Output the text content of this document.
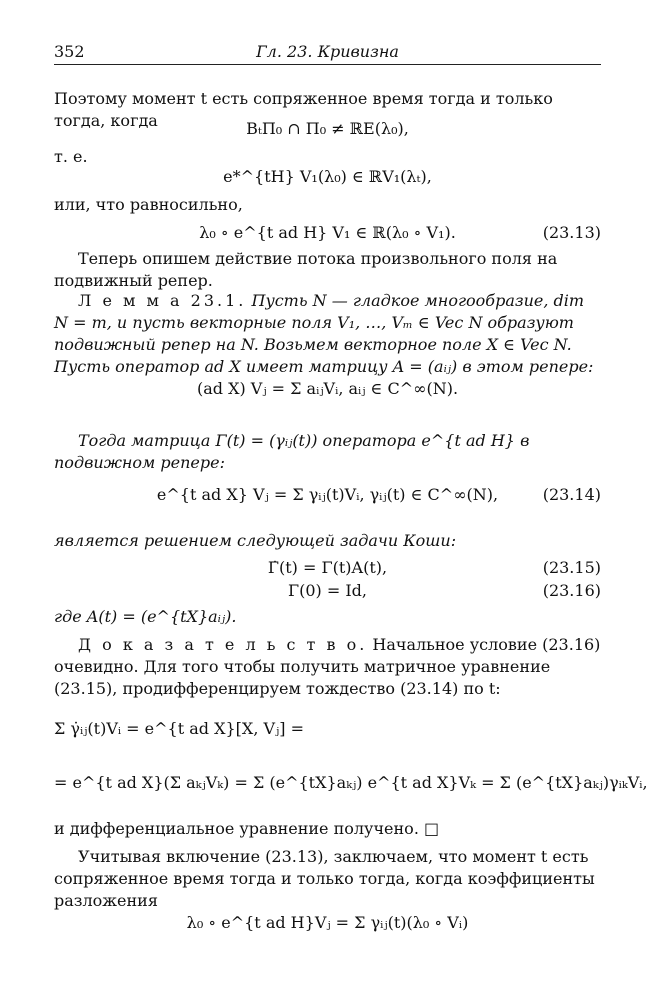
352	Гл. 23. Кривизна
Поэтому момент t есть сопряженное время тогда и только тогда, когда	BₜΠ₀ ∩ Π₀ ≠ ℝE(λ₀),
т. е.
e*^{tH} V₁(λ₀) ∈ ℝV₁(λₜ),
или, что равносильно,
λ₀ ∘ e^{t ad H} V₁ ∈ ℝ(λ₀ ∘ V₁).	(23.13)
Теперь опишем действие потока произвольного поля на подвижный репер.
Л е м м а 23.1. Пусть N — гладкое многообразие, dim N = m, и пусть векторные поля V₁, …, Vₘ ∈ Vec N образуют подвижный репер на N. Возьмем векторное поле X ∈ Vec N. Пусть оператор ad X имеет матрицу A = (aᵢⱼ) в этом репере:
(ad X) Vⱼ = Σ aᵢⱼVᵢ, aᵢⱼ ∈ C^∞(N).
Тогда матрица Γ(t) = (γᵢⱼ(t)) оператора e^{t ad H} в подвижном репере:
e^{t ad X} Vⱼ = Σ γᵢⱼ(t)Vᵢ, γᵢⱼ(t) ∈ C^∞(N),	(23.14)
является решением следующей задачи Коши:
Γ̇(t) = Γ(t)A(t),	(23.15)
Γ(0) = Id,	(23.16)
где A(t) = (e^{tX}aᵢⱼ).
Д о к а з а т е л ь с т в о. Начальное условие (23.16) очевидно. Для того чтобы получить матричное уравнение (23.15), продифференцируем тождество (23.14) по t:
Σ γ̇ᵢⱼ(t)Vᵢ = e^{t ad X}[X, Vⱼ] =
= e^{t ad X}(Σ aₖⱼVₖ) = Σ (e^{tX}aₖⱼ) e^{t ad X}Vₖ = Σ (e^{tX}aₖⱼ)γᵢₖVᵢ,
и дифференциальное уравнение получено. □
Учитывая включение (23.13), заключаем, что момент t есть сопряженное время тогда и только тогда, когда коэффициенты разложения
λ₀ ∘ e^{t ad H}Vⱼ = Σ γᵢⱼ(t)(λ₀ ∘ Vᵢ)
